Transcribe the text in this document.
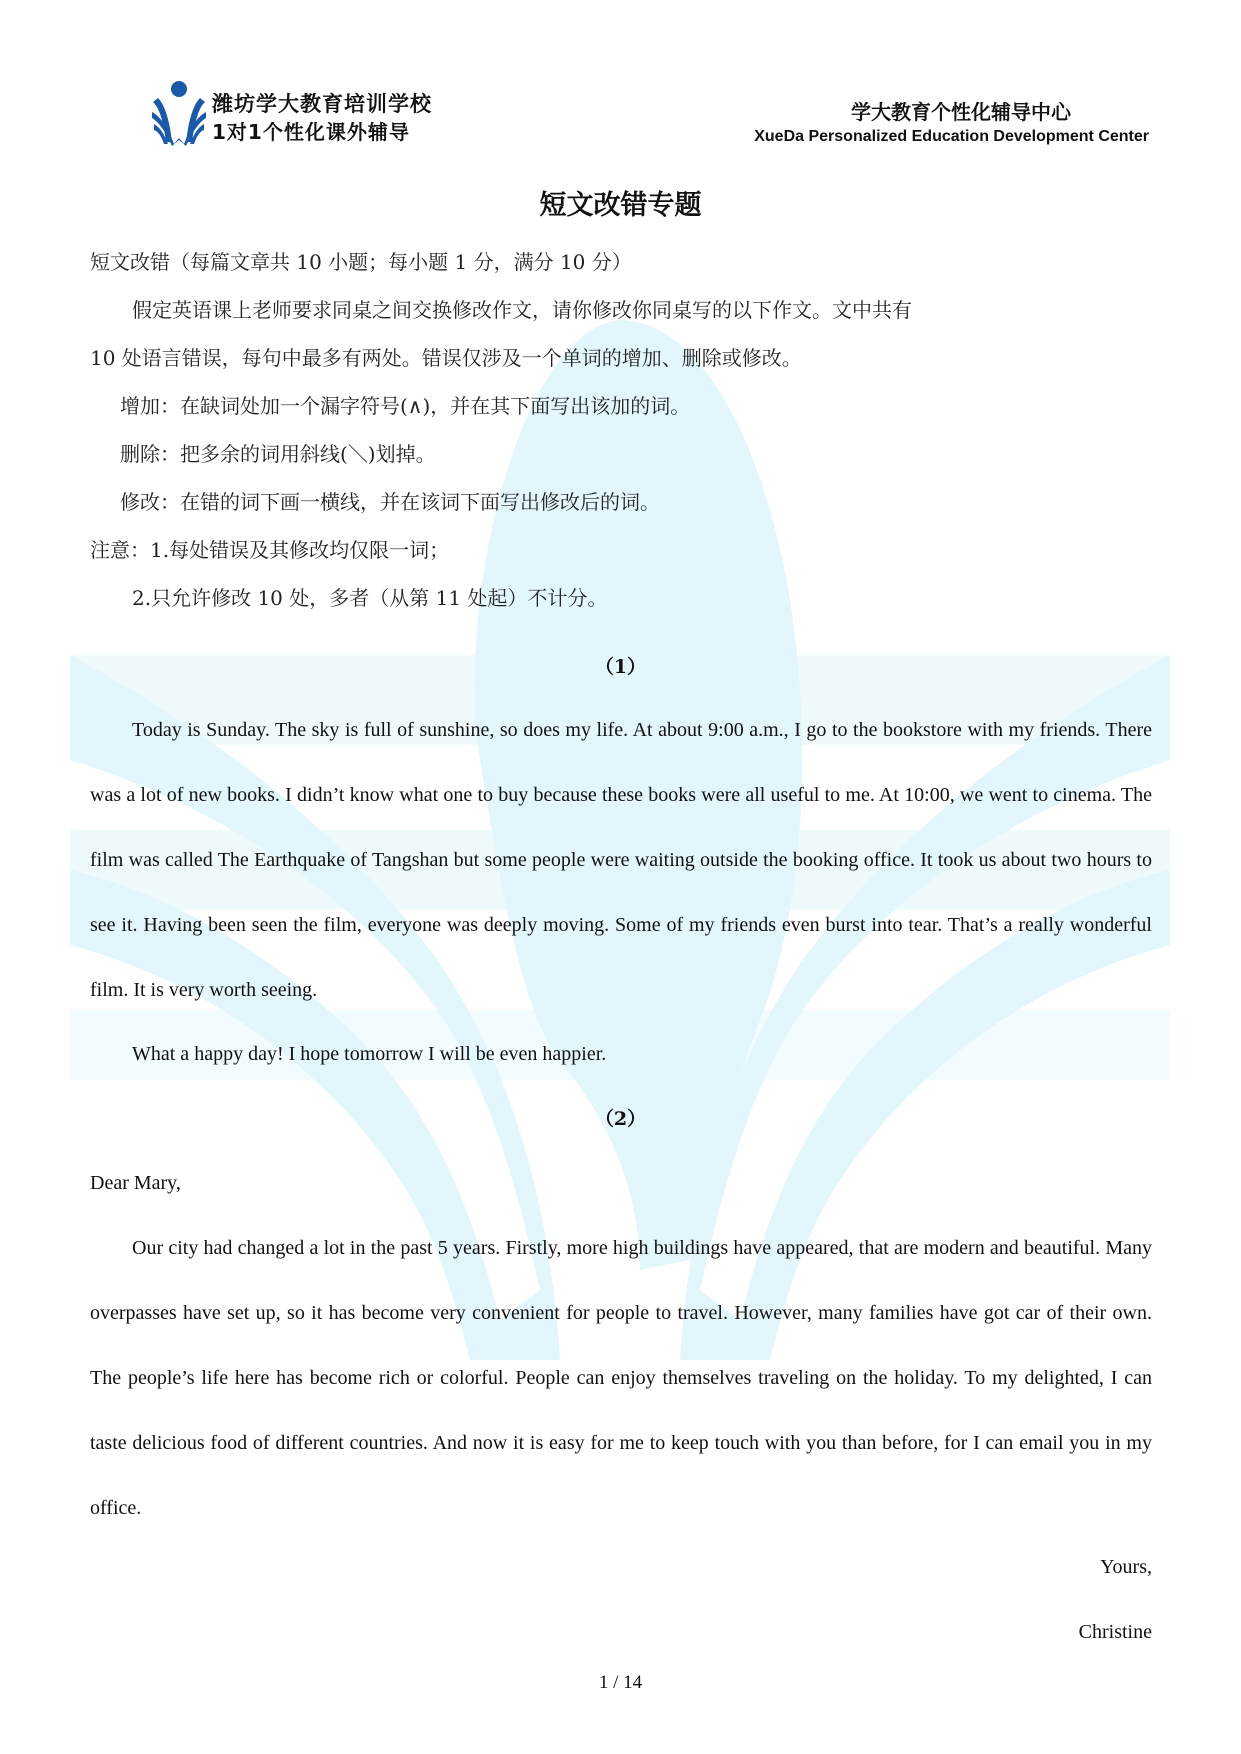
潍坊学大教育培训学校
1对1个性化课外辅导
学大教育个性化辅导中心
XueDa Personalized Education Development Center
短文改错专题
短文改错（每篇文章共 10 小题；每小题 1 分，满分 10 分）
假定英语课上老师要求同桌之间交换修改作文，请你修改你同桌写的以下作文。文中共有
10 处语言错误，每句中最多有两处。错误仅涉及一个单词的增加、删除或修改。
增加：在缺词处加一个漏字符号(∧)，并在其下面写出该加的词。
删除：把多余的词用斜线(＼)划掉。
修改：在错的词下画一横线，并在该词下面写出修改后的词。
注意：1.每处错误及其修改均仅限一词；
2.只允许修改 10 处，多者（从第 11 处起）不计分。
（1）
Today is Sunday. The sky is full of sunshine, so does my life. At about 9:00 a.m., I go to the bookstore with my friends. There was a lot of new books. I didn’t know what one to buy because these books were all useful to me. At 10:00, we went to cinema. The film was called The Earthquake of Tangshan but some people were waiting outside the booking office. It took us about two hours to see it. Having been seen the film, everyone was deeply moving. Some of my friends even burst into tear. That’s a really wonderful film. It is very worth seeing.
What a happy day! I hope tomorrow I will be even happier.
（2）
Dear Mary,
Our city had changed a lot in the past 5 years. Firstly, more high buildings have appeared, that are modern and beautiful. Many overpasses have set up, so it has become very convenient for people to travel. However, many families have got car of their own. The people’s life here has become rich or colorful. People can enjoy themselves traveling on the holiday. To my delighted, I can taste delicious food of different countries. And now it is easy for me to keep touch with you than before, for I can email you in my office.
Yours,
Christine
1 / 14
